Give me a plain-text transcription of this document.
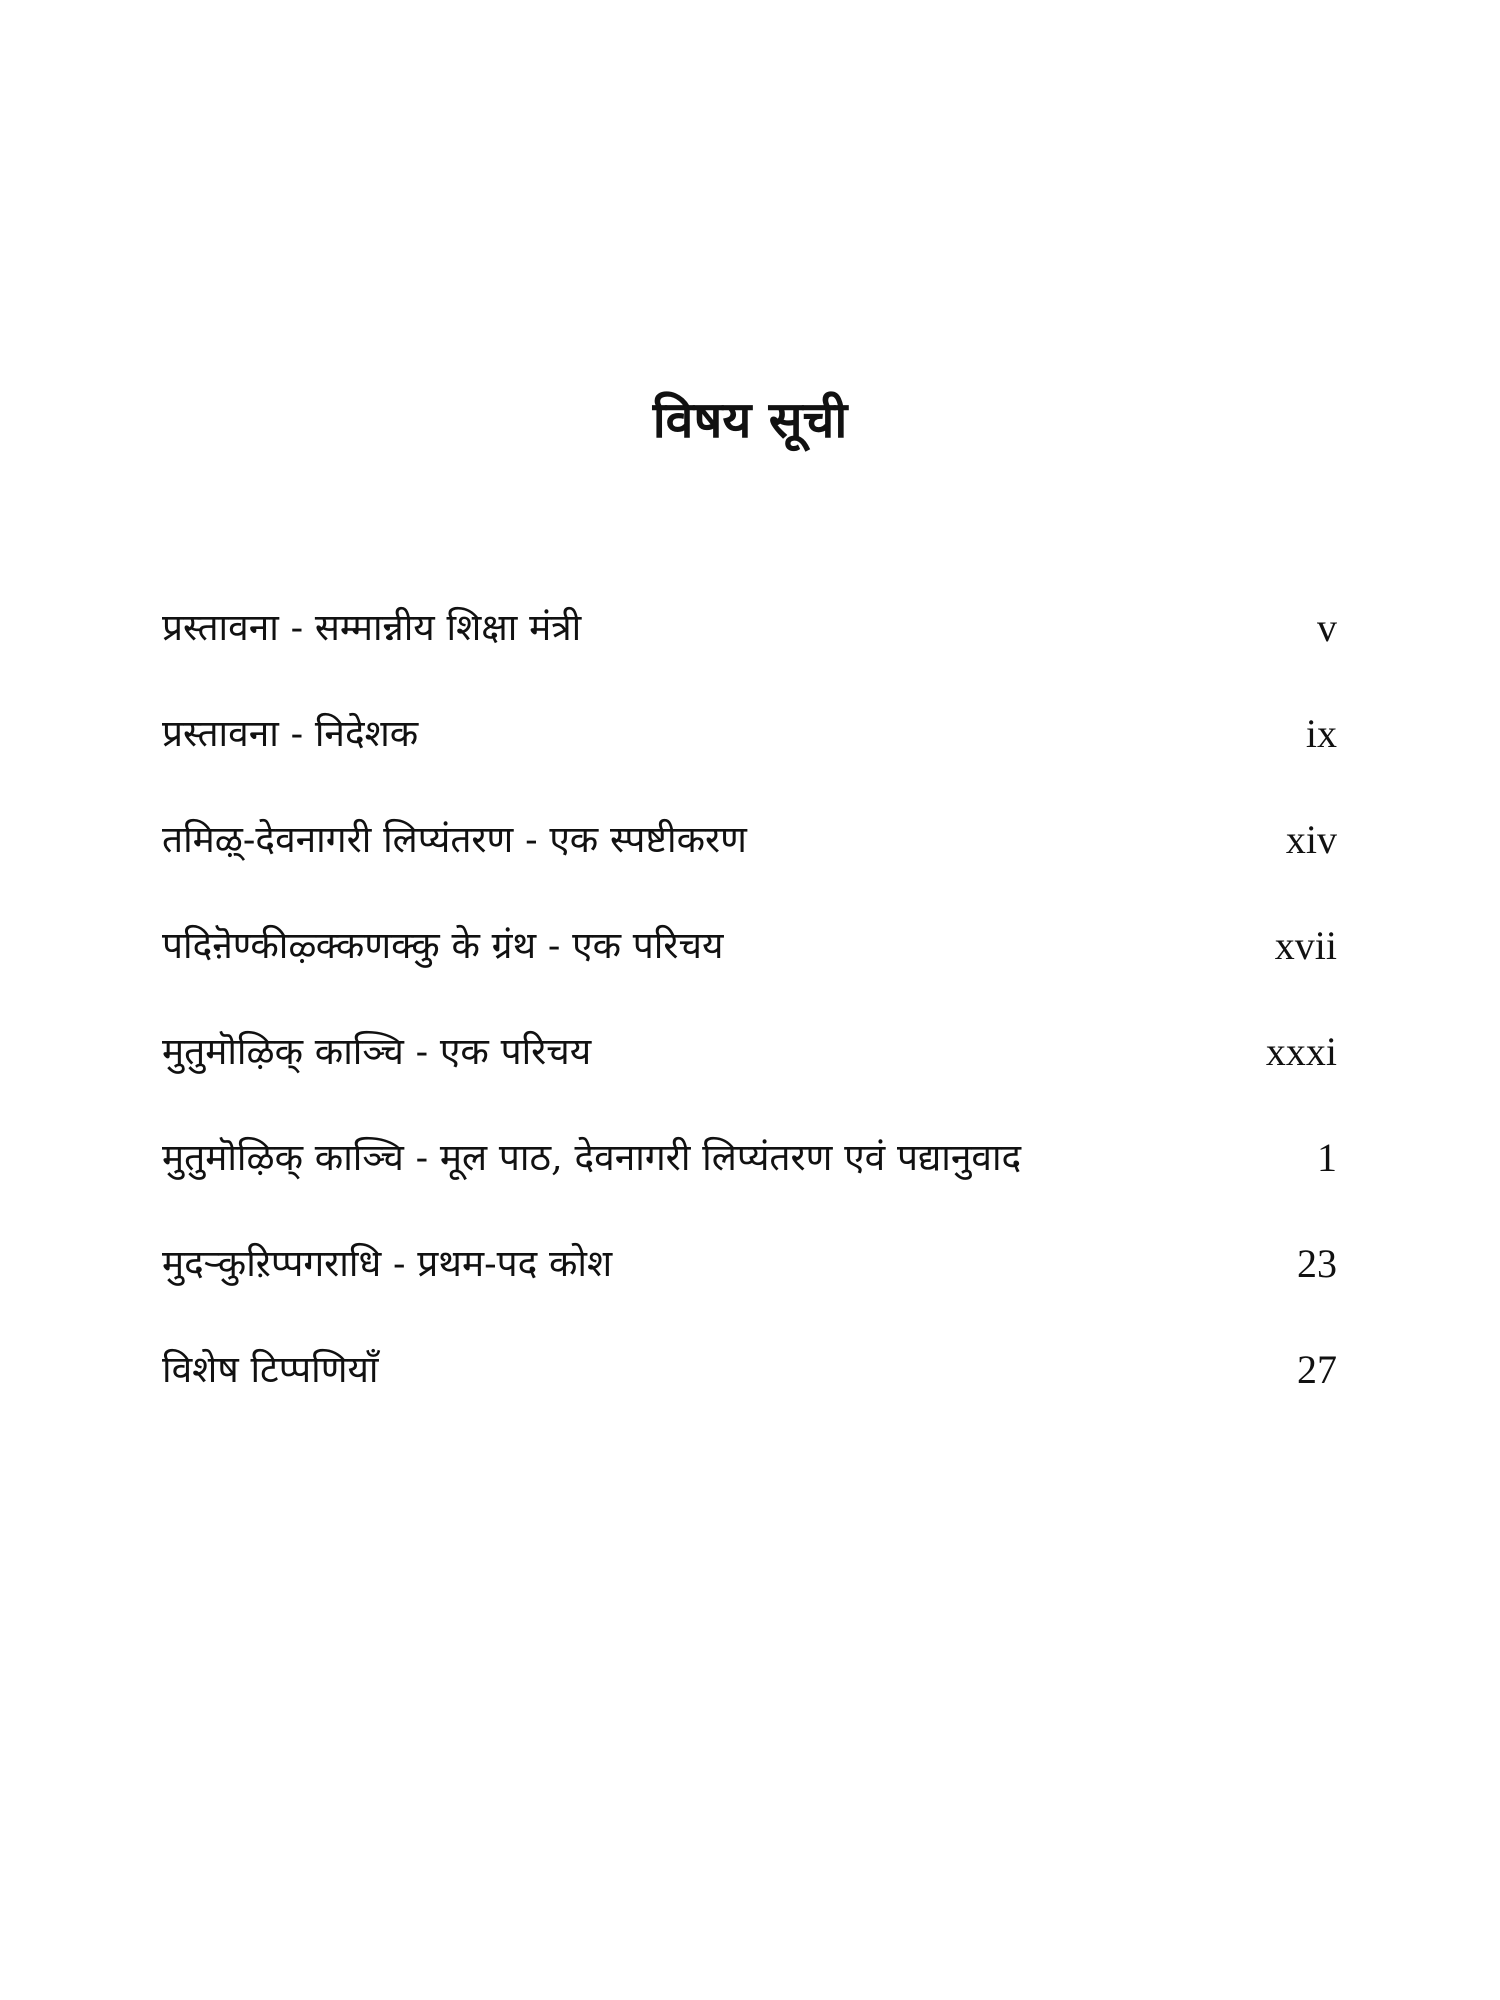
विषय सूची
प्रस्तावना - सम्मान्नीय शिक्षा मंत्री	v
प्रस्तावना - निदेशक	ix
तमिऴ्-देवनागरी लिप्यंतरण - एक स्पष्टीकरण	xiv
पदिऩॆण्कीऴ्क्कणक्कु के ग्रंथ - एक परिचय	xvii
मुतुमॊऴिक् काञ्चि - एक परिचय	xxxi
मुतुमॊऴिक् काञ्चि - मूल पाठ, देवनागरी लिप्यंतरण एवं पद्यानुवाद	1
मुदऱ्कुऱिप्पगराधि - प्रथम-पद कोश	23
विशेष टिप्पणियाँ	27
